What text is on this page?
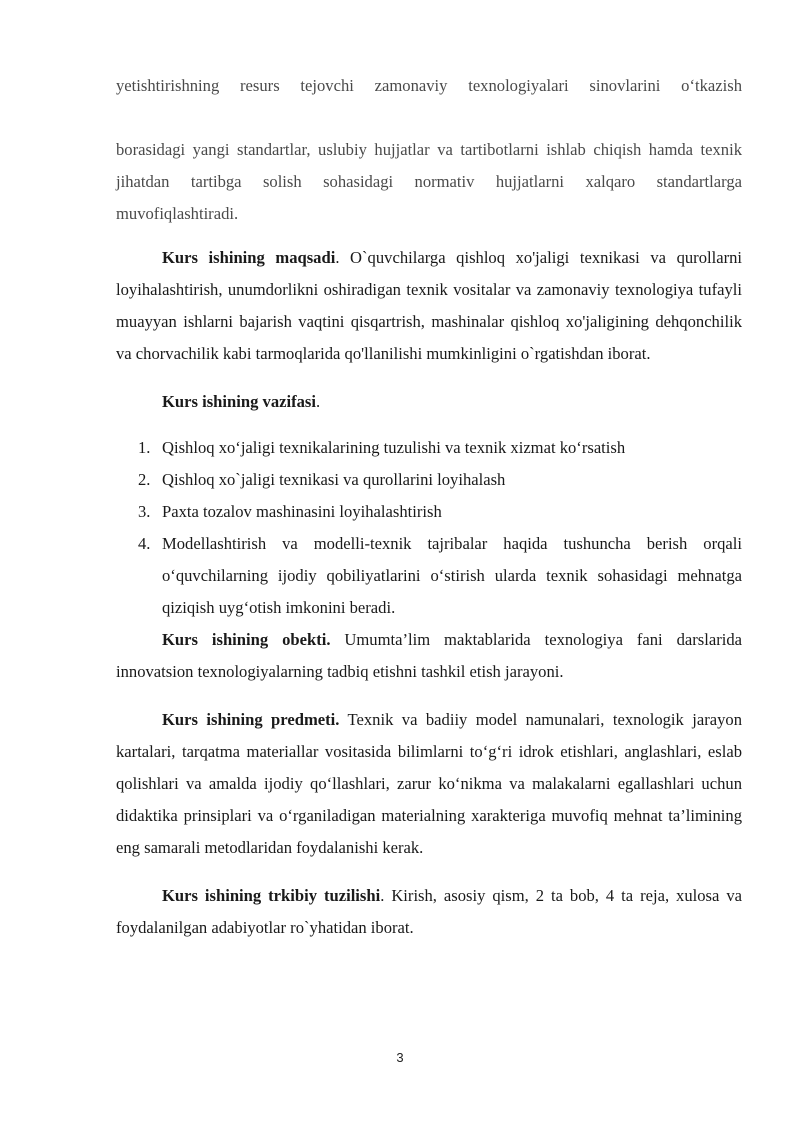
yetishtirishning resurs tejovchi zamonaviy texnologiyalari sinovlarini o‘tkazish

borasidagi yangi standartlar, uslubiy hujjatlar va tartibotlarni ishlab chiqish hamda texnik jihatdan tartibga solish sohasidagi normativ hujjatlarni xalqaro standartlarga muvofiqlashtiradi.

Kurs ishining maqsadi. O`quvchilarga qishloq xo'jaligi texnikasi va qurollarni loyihalashtirish, unumdorlikni oshiradigan texnik vositalar va zamonaviy texnologiya tufayli muayyan ishlarni bajarish vaqtini qisqartrish, mashinalar qishloq xo'jaligining dehqonchilik va chorvachilik kabi tarmoqlarida qo'llanilishi mumkinligini o`rgatishdan iborat.

Kurs ishining vazifasi.

1. Qishloq xo‘jaligi texnikalarining tuzulishi va texnik xizmat ko‘rsatish
2. Qishloq xo`jaligi texnikasi va qurollarini loyihalash
3. Paxta tozalov mashinasini loyihalashtirish
4. Modellashtirish va modelli-texnik tajribalar haqida tushuncha berish orqali o‘quvchilarning ijodiy qobiliyatlarini o‘stirish ularda texnik sohasidagi mehnatga qiziqish uyg‘otish imkonini beradi.

Kurs ishining obekti. Umumta’lim maktablarida texnologiya fani darslarida innovatsion texnologiyalarning tadbiq etishni tashkil etish jarayoni.

Kurs ishining predmeti. Texnik va badiiy model namunalari, texnologik jarayon kartalari, tarqatma materiallar vositasida bilimlarni to‘g‘ri idrok etishlari, anglashlari, eslab qolishlari va amalda ijodiy qo‘llashlari, zarur ko‘nikma va malakalarni egallashlari uchun didaktika prinsiplari va o‘rganiladigan materialning xarakteriga muvofiq mehnat ta’limining eng samarali metodlaridan foydalanishi kerak.

Kurs ishining trkibiy tuzilishi. Kirish, asosiy qism, 2 ta bob, 4 ta reja, xulosa va foydalanilgan adabiyotlar ro`yhatidan iborat.

3
